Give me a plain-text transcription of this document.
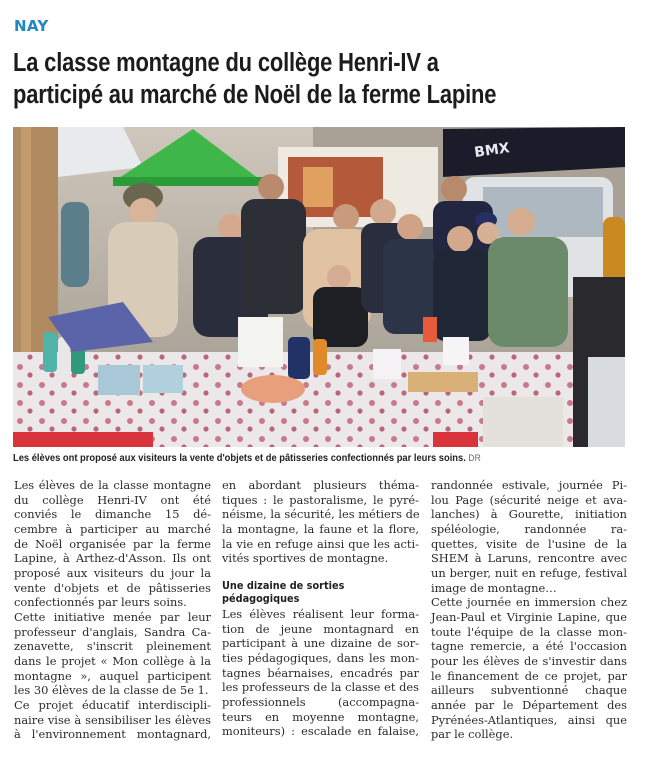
NAY
La classe montagne du collège Henri-IV a
participé au marché de Noël de la ferme Lapine
BMX
Les élèves ont proposé aux visiteurs la vente d'objets et de pâtisseries confectionnés par leurs soins. DR
Les élèves de la classe montagne
du collège Henri-IV ont été
conviés le dimanche 15 dé-
cembre à participer au marché
de Noël organisée par la ferme
Lapine, à Arthez-d'Asson. Ils ont
proposé aux visiteurs du jour la
vente d'objets et de pâtisseries
confectionnés par leurs soins.
Cette initiative menée par leur
professeur d'anglais, Sandra Ca-
zenavette, s'inscrit pleinement
dans le projet « Mon collège à la
montagne », auquel participent
les 30 élèves de la classe de 5e 1.
Ce projet éducatif interdiscipli-
naire vise à sensibiliser les élèves
à l'environnement montagnard,
en abordant plusieurs théma-
tiques : le pastoralisme, le pyré-
néisme, la sécurité, les métiers de
la montagne, la faune et la flore,
la vie en refuge ainsi que les acti-
vités sportives de montagne.

Une dizaine de sorties
pédagogiques

Les élèves réalisent leur forma-
tion de jeune montagnard en
participant à une dizaine de sor-
ties pédagogiques, dans les mon-
tagnes béarnaises, encadrés par
les professeurs de la classe et des
professionnels (accompagna-
teurs en moyenne montagne,
moniteurs) : escalade en falaise,
randonnée estivale, journée Pi-
lou Page (sécurité neige et ava-
lanches) à Gourette, initiation
spéléologie, randonnée ra-
quettes, visite de l'usine de la
SHEM à Laruns, rencontre avec
un berger, nuit en refuge, festival
image de montagne…
Cette journée en immersion chez
Jean-Paul et Virginie Lapine, que
toute l'équipe de la classe mon-
tagne remercie, a été l'occasion
pour les élèves de s'investir dans
le financement de ce projet, par
ailleurs subventionné chaque
année par le Département des
Pyrénées-Atlantiques, ainsi que
par le collège.
